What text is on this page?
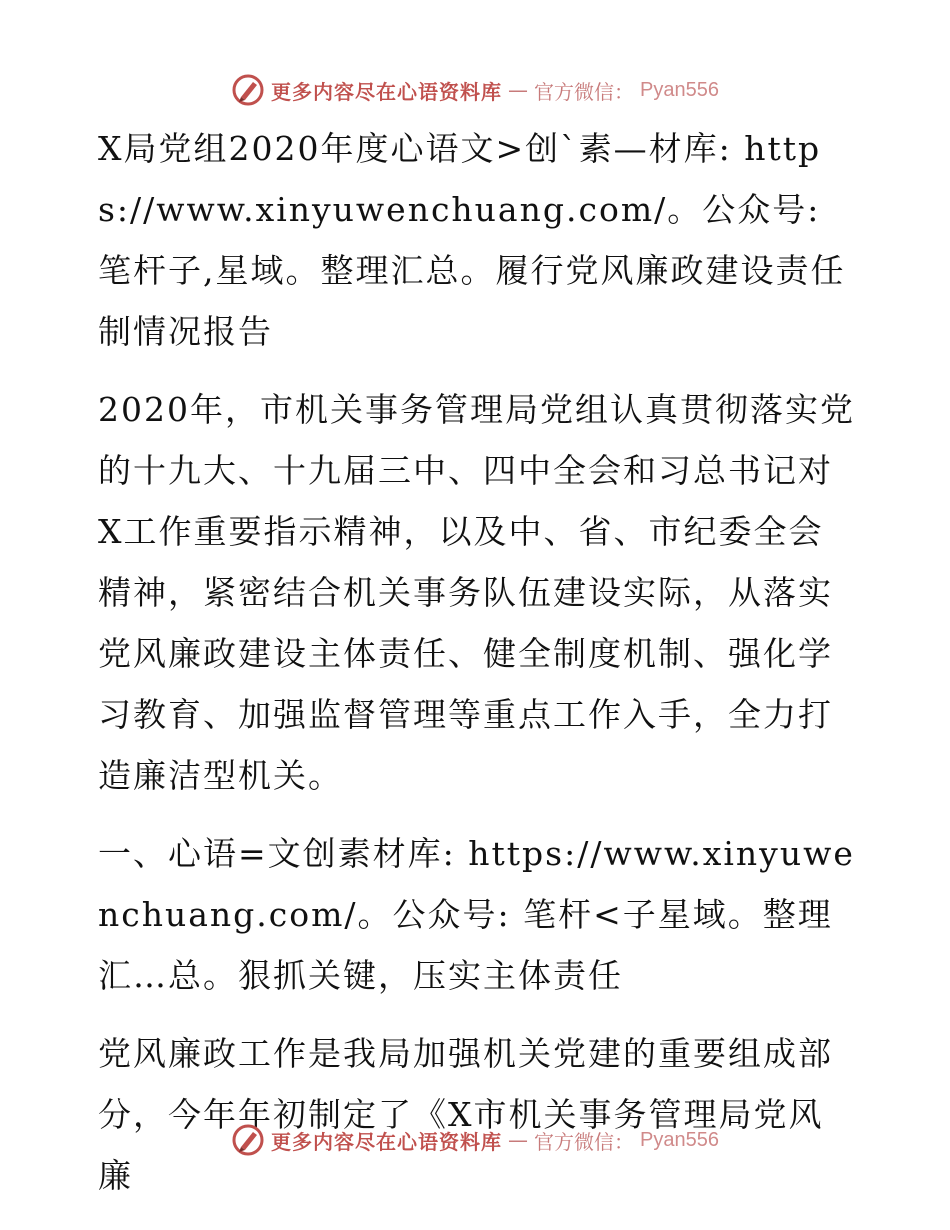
更多内容尽在心语资料库 — 官方微信： Pyan556

X局党组2020年度心语文>创`素—材库: https://www.xinyuwenchuang.com/。公众号: 笔杆子,星域。整理汇总。履行党风廉政建设责任制情况报告

2020年，市机关事务管理局党组认真贯彻落实党的十九大、十九届三中、四中全会和习总书记对X工作重要指示精神，以及中、省、市纪委全会精神，紧密结合机关事务队伍建设实际，从落实党风廉政建设主体责任、健全制度机制、强化学习教育、加强监督管理等重点工作入手，全力打造廉洁型机关。

一、心语=文创素材库: https://www.xinyuwenchuang.com/。公众号: 笔杆<子星域。整理汇…总。狠抓关键，压实主体责任

党风廉政工作是我局加强机关党建的重要组成部分，今年年初制定了《X市机关事务管理局党风廉

更多内容尽在心语资料库 — 官方微信： Pyan556
